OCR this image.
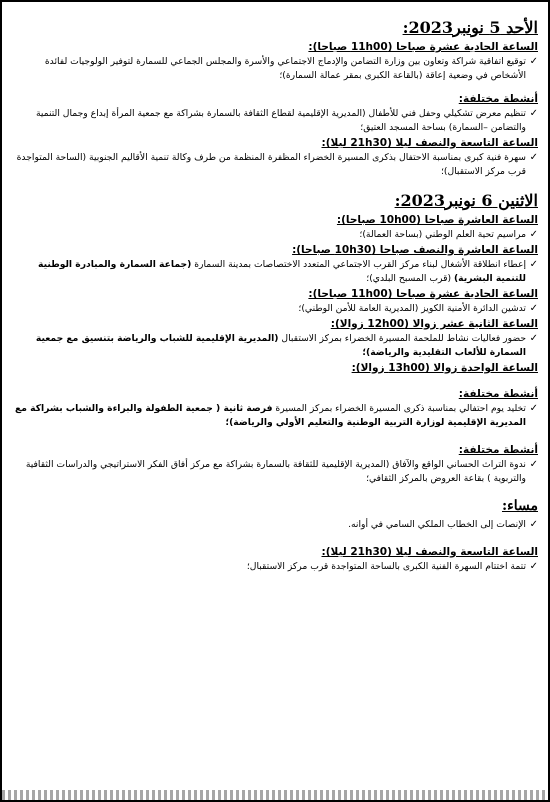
الأحد 5 نونبر2023:
الساعة الحادية عشرة صباحا (11h00 صباحا):
✓
توقيع اتفاقية شراكة وتعاون بين وزارة التضامن والإدماج الاجتماعي والأسرة والمجلس الجماعي للسمارة لتوفير الولوجيات لفائدة الأشخاص في وضعية إعاقة (بالقاعة الكبرى بمقر عمالة السمارة)؛
أنشطة مختلفة:
✓
تنظيم معرض تشكيلي وحفل فني للأطفال (المديرية الإقليمية لقطاع الثقافة بالسمارة بشراكة مع جمعية المرأة إبداع وجمال التنمية والتضامن –السمارة) بساحة المسجد العتيق؛
الساعة التاسعة والنصف ليلا (21h30 ليلا):
✓
سهرة فنية كبرى بمناسبة الاحتفال بذكرى المسيرة الخضراء المظفرة المنظمة من طرف وكالة تنمية الأقاليم الجنوبية (الساحة المتواجدة قرب مركز الاستقبال)؛
الاثنين 6 نونبر2023:
الساعة العاشرة صباحا (10h00 صباحا):
✓
مراسيم تحية العلم الوطني (بساحة العمالة)؛
الساعة العاشرة والنصف صباحا (10h30 صباحا):
✓
إعطاء انطلاقة الأشغال لبناء مركز القرب الاجتماعي المتعدد الاختصاصات بمدينة السمارة (جماعة السمارة والمبادرة الوطنية للتنمية البشرية) (قرب المسبح البلدي)؛
الساعة الحادية عشرة صباحا (11h00 صباحا):
✓
تدشين الدائرة الأمنية الكويز (المديرية العامة للأمن الوطني)؛
الساعة الثانية عشر زوالا (12h00 زوالا):
✓
حضور فعاليات نشاط للملحمة المسيرة الخضراء بمركز الاستقبال (المديرية الإقليمية للشباب والرياضة بتنسيق مع جمعية السمارة للألعاب التقليدية والرياضة)؛
الساعة الواحدة زوالا (13h00 زوالا):
أنشطة مختلفة:
✓
تخليد يوم احتفالي بمناسبة ذكرى المسيرة الخضراء بمركز المسيرة فرصة ثانية ( جمعية الطفولة والبراءة والشباب بشراكة مع المديرية الإقليمية لوزارة التربية الوطنية والتعليم الأولي والرياضة)؛
أنشطة مختلفة:
✓
ندوة التراث الحساني الواقع والآفاق (المديرية الإقليمية للثقافة بالسمارة بشراكة مع مركز أفاق الفكر الاستراتيجي والدراسات الثقافية والتربوية ) بقاعة العروض بالمركز الثقافي؛
مساء:
✓
الإنصات إلى الخطاب الملكي السامي في أوانه.
الساعة التاسعة والنصف ليلا (21h30 ليلا):
✓
تتمة اختتام السهرة الفنية الكبرى بالساحة المتواجدة قرب مركز الاستقبال؛
